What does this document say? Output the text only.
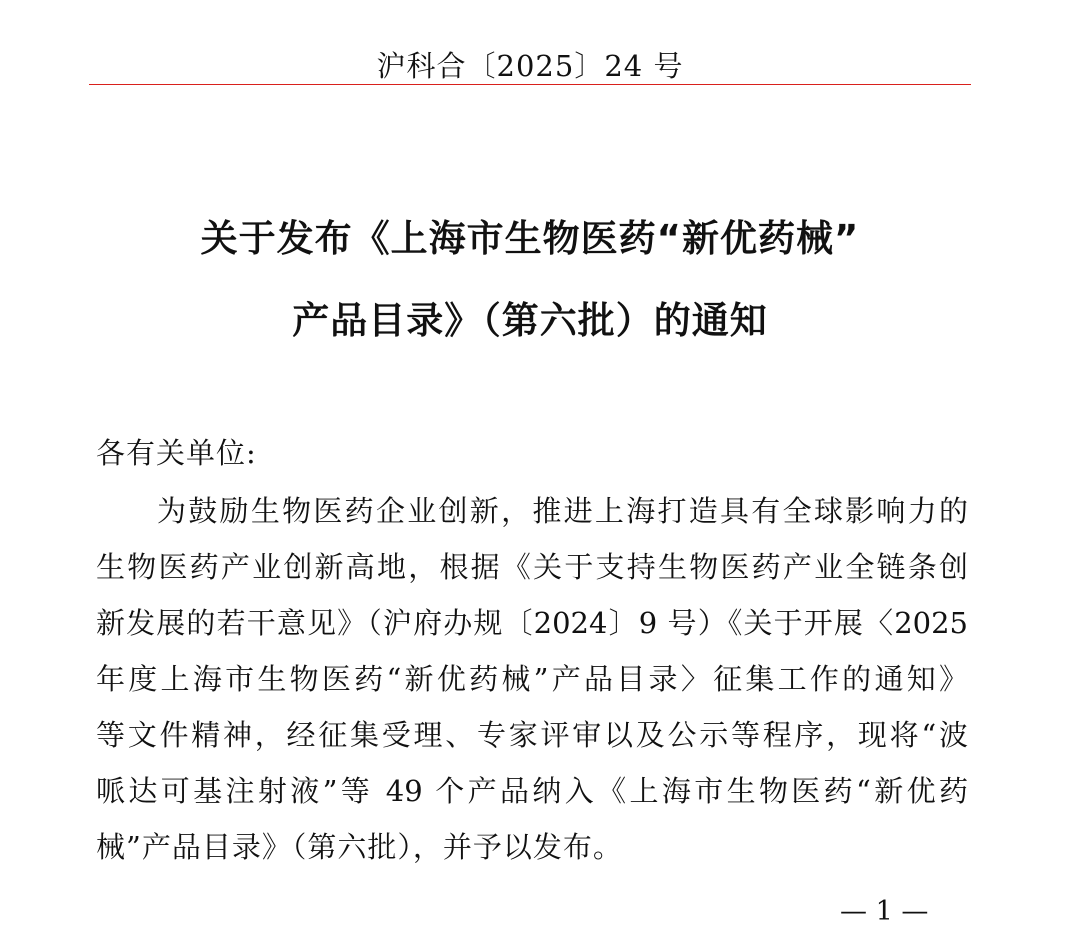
沪科合〔2025〕24 号
关于发布《上海市生物医药“新优药械”
产品目录》（第六批）的通知
各有关单位:
为鼓励生物医药企业创新，推进上海打造具有全球影响力的
生物医药产业创新高地，根据《关于支持生物医药产业全链条创
新发展的若干意见》（沪府办规〔2024〕9 号）《关于开展〈2025
年度上海市生物医药“新优药械”产品目录〉征集工作的通知》
等文件精神，经征集受理、专家评审以及公示等程序，现将“波
哌达可基注射液”等 49 个产品纳入《上海市生物医药“新优药
械”产品目录》（第六批），并予以发布。
— 1 —
